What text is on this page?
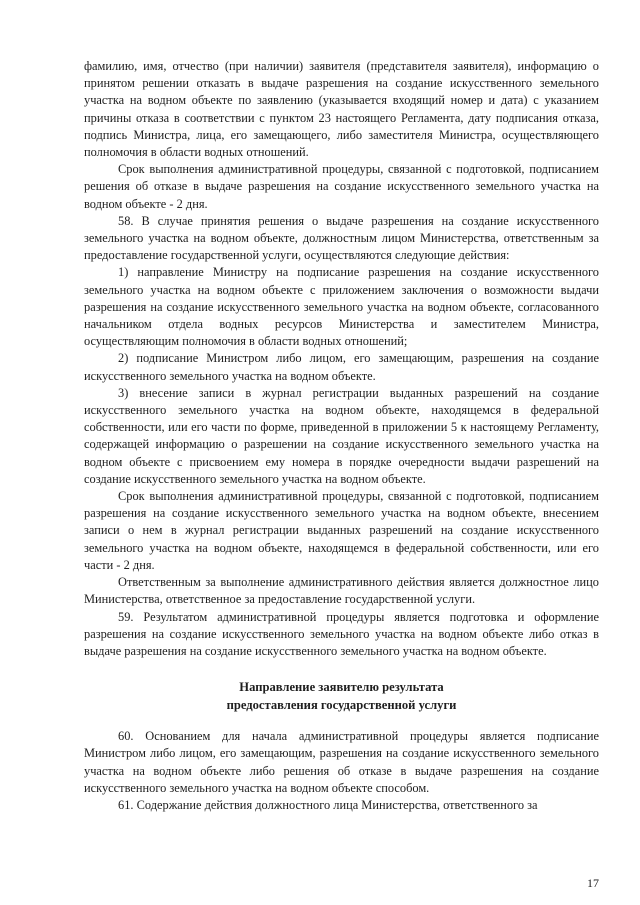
фамилию, имя, отчество (при наличии) заявителя (представителя заявителя), информацию о принятом решении отказать в выдаче разрешения на создание искусственного земельного участка на водном объекте по заявлению (указывается входящий номер и дата) с указанием причины отказа в соответствии с пунктом 23 настоящего Регламента, дату подписания отказа, подпись Министра, лица, его замещающего, либо заместителя Министра, осуществляющего полномочия в области водных отношений.

Срок выполнения административной процедуры, связанной с подготовкой, подписанием решения об отказе в выдаче разрешения на создание искусственного земельного участка на водном объекте - 2 дня.

58. В случае принятия решения о выдаче разрешения на создание искусственного земельного участка на водном объекте, должностным лицом Министерства, ответственным за предоставление государственной услуги, осуществляются следующие действия:

1) направление Министру на подписание разрешения на создание искусственного земельного участка на водном объекте с приложением заключения о возможности выдачи разрешения на создание искусственного земельного участка на водном объекте, согласованного начальником отдела водных ресурсов Министерства и заместителем Министра, осуществляющим полномочия в области водных отношений;

2) подписание Министром либо лицом, его замещающим, разрешения на создание искусственного земельного участка на водном объекте.

3) внесение записи в журнал регистрации выданных разрешений на создание искусственного земельного участка на водном объекте, находящемся в федеральной собственности, или его части по форме, приведенной в приложении 5 к настоящему Регламенту, содержащей информацию о разрешении на создание искусственного земельного участка на водном объекте с присвоением ему номера в порядке очередности выдачи разрешений на создание искусственного земельного участка на водном объекте.

Срок выполнения административной процедуры, связанной с подготовкой, подписанием разрешения на создание искусственного земельного участка на водном объекте, внесением записи о нем в журнал регистрации выданных разрешений на создание искусственного земельного участка на водном объекте, находящемся в федеральной собственности, или его части - 2 дня.

Ответственным за выполнение административного действия является должностное лицо Министерства, ответственное за предоставление государственной услуги.

59. Результатом административной процедуры является подготовка и оформление разрешения на создание искусственного земельного участка на водном объекте либо отказ в выдаче разрешения на создание искусственного земельного участка на водном объекте.

Направление заявителю результата
предоставления государственной услуги

60. Основанием для начала административной процедуры является подписание Министром либо лицом, его замещающим, разрешения на создание искусственного земельного участка на водном объекте либо решения об отказе в выдаче разрешения на создание искусственного земельного участка на водном объекте способом.

61. Содержание действия должностного лица Министерства, ответственного за

17
